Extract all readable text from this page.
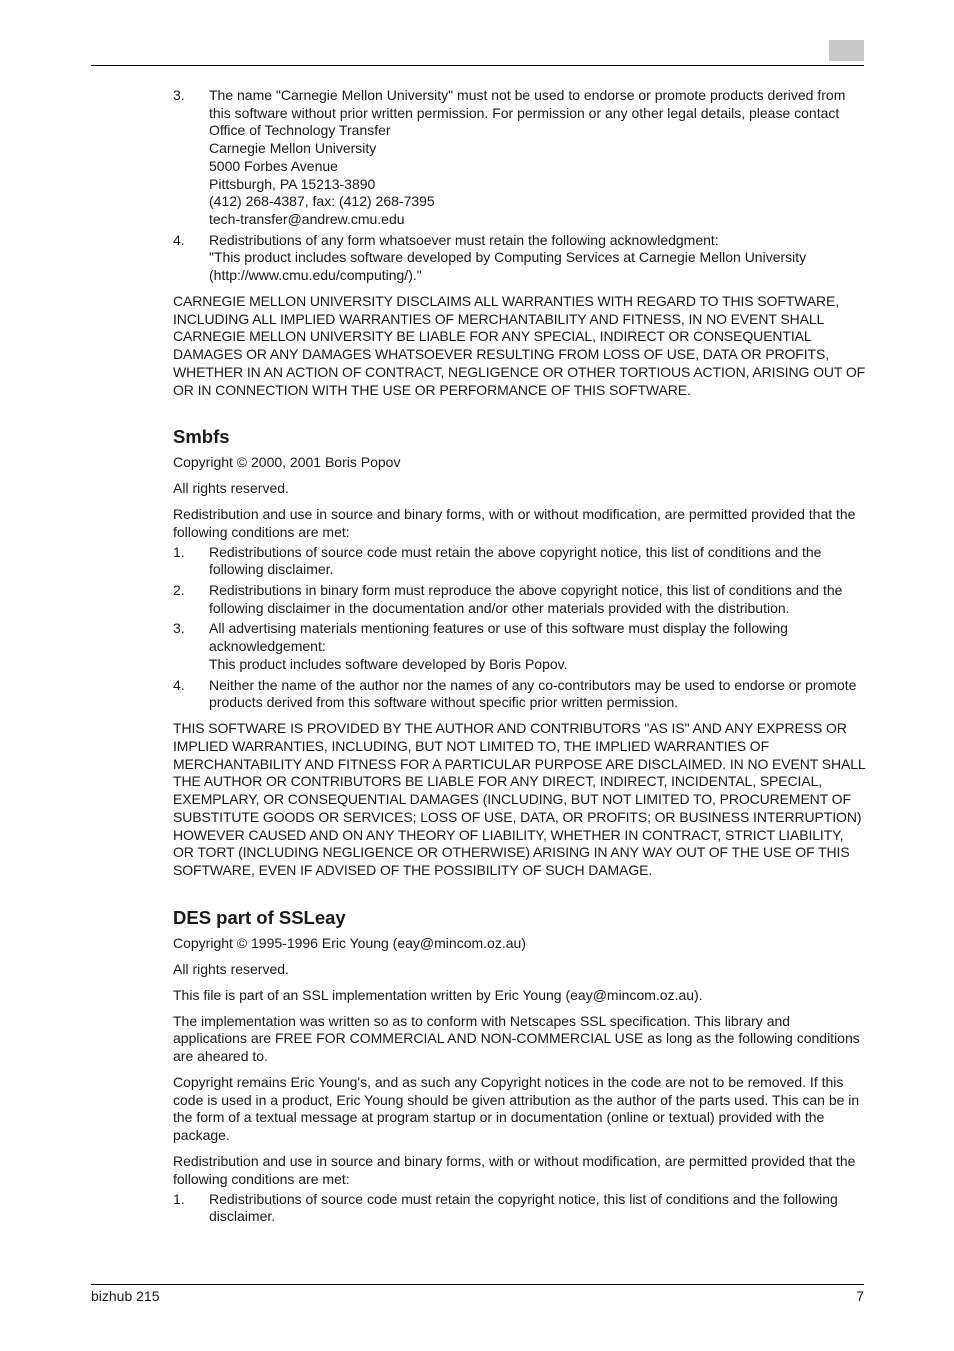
3. The name "Carnegie Mellon University" must not be used to endorse or promote products derived from this software without prior written permission. For permission or any other legal details, please contact
Office of Technology Transfer
Carnegie Mellon University
5000 Forbes Avenue
Pittsburgh, PA 15213-3890
(412) 268-4387, fax: (412) 268-7395
tech-transfer@andrew.cmu.edu
4. Redistributions of any form whatsoever must retain the following acknowledgment:
"This product includes software developed by Computing Services at Carnegie Mellon University (http://www.cmu.edu/computing/)."

CARNEGIE MELLON UNIVERSITY DISCLAIMS ALL WARRANTIES WITH REGARD TO THIS SOFTWARE, INCLUDING ALL IMPLIED WARRANTIES OF MERCHANTABILITY AND FITNESS, IN NO EVENT SHALL CARNEGIE MELLON UNIVERSITY BE LIABLE FOR ANY SPECIAL, INDIRECT OR CONSEQUENTIAL DAMAGES OR ANY DAMAGES WHATSOEVER RESULTING FROM LOSS OF USE, DATA OR PROFITS, WHETHER IN AN ACTION OF CONTRACT, NEGLIGENCE OR OTHER TORTIOUS ACTION, ARISING OUT OF OR IN CONNECTION WITH THE USE OR PERFORMANCE OF THIS SOFTWARE.

Smbfs

Copyright © 2000, 2001 Boris Popov

All rights reserved.

Redistribution and use in source and binary forms, with or without modification, are permitted provided that the following conditions are met:

1. Redistributions of source code must retain the above copyright notice, this list of conditions and the following disclaimer.
2. Redistributions in binary form must reproduce the above copyright notice, this list of conditions and the following disclaimer in the documentation and/or other materials provided with the distribution.
3. All advertising materials mentioning features or use of this software must display the following acknowledgement:
This product includes software developed by Boris Popov.
4. Neither the name of the author nor the names of any co-contributors may be used to endorse or promote products derived from this software without specific prior written permission.

THIS SOFTWARE IS PROVIDED BY THE AUTHOR AND CONTRIBUTORS "AS IS" AND ANY EXPRESS OR IMPLIED WARRANTIES, INCLUDING, BUT NOT LIMITED TO, THE IMPLIED WARRANTIES OF MERCHANTABILITY AND FITNESS FOR A PARTICULAR PURPOSE ARE DISCLAIMED. IN NO EVENT SHALL THE AUTHOR OR CONTRIBUTORS BE LIABLE FOR ANY DIRECT, INDIRECT, INCIDENTAL, SPECIAL, EXEMPLARY, OR CONSEQUENTIAL DAMAGES (INCLUDING, BUT NOT LIMITED TO, PROCUREMENT OF SUBSTITUTE GOODS OR SERVICES; LOSS OF USE, DATA, OR PROFITS; OR BUSINESS INTERRUPTION) HOWEVER CAUSED AND ON ANY THEORY OF LIABILITY, WHETHER IN CONTRACT, STRICT LIABILITY, OR TORT (INCLUDING NEGLIGENCE OR OTHERWISE) ARISING IN ANY WAY OUT OF THE USE OF THIS SOFTWARE, EVEN IF ADVISED OF THE POSSIBILITY OF SUCH DAMAGE.

DES part of SSLeay

Copyright © 1995-1996 Eric Young (eay@mincom.oz.au)

All rights reserved.

This file is part of an SSL implementation written by Eric Young (eay@mincom.oz.au).

The implementation was written so as to conform with Netscapes SSL specification. This library and applications are FREE FOR COMMERCIAL AND NON-COMMERCIAL USE as long as the following conditions are aheared to.

Copyright remains Eric Young's, and as such any Copyright notices in the code are not to be removed. If this code is used in a product, Eric Young should be given attribution as the author of the parts used. This can be in the form of a textual message at program startup or in documentation (online or textual) provided with the package.

Redistribution and use in source and binary forms, with or without modification, are permitted provided that the following conditions are met:

1. Redistributions of source code must retain the copyright notice, this list of conditions and the following disclaimer.
bizhub 215	7
